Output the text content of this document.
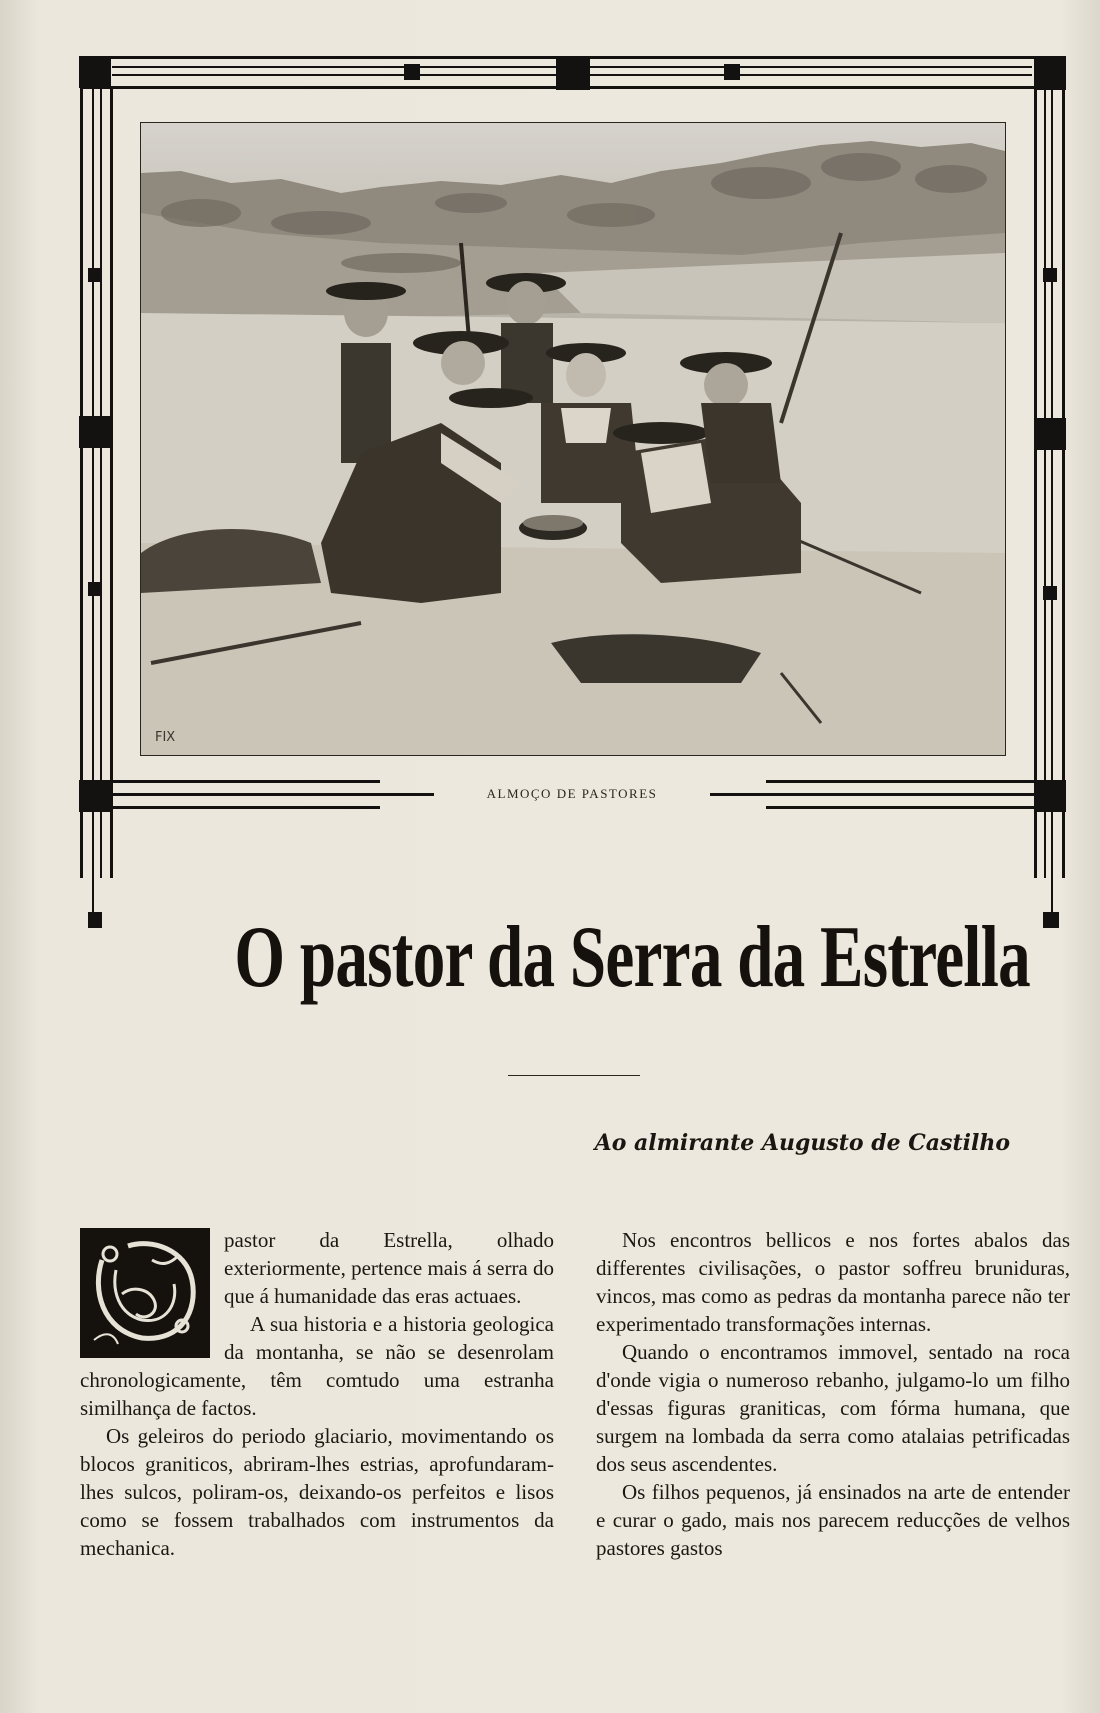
FIX
ALMOÇO DE PASTORES
O pastor da Serra da Estrella
Ao almirante Augusto de Castilho

pastor da Estrella, olhado exteriormente, pertence mais á serra do que á humanidade das eras actuaes.

A sua historia e a historia geologica da montanha, se não se desenrolam chronologicamente, têm comtudo uma estranha similhança de factos.

Os geleiros do periodo glaciario, movimentando os blocos graniticos, abriram-lhes estrias, aprofundaram-lhes sulcos, poliram-os, deixando-os perfeitos e lisos como se fossem trabalhados com instrumentos da mechanica.

Nos encontros bellicos e nos fortes abalos das differentes civilisações, o pastor soffreu bruniduras, vincos, mas como as pedras da montanha parece não ter experimentado transformações internas.

Quando o encontramos immovel, sentado na roca d'onde vigia o numeroso rebanho, julgamo-lo um filho d'essas figuras graniticas, com fórma humana, que surgem na lombada da serra como atalaias petrificadas dos seus ascendentes.

Os filhos pequenos, já ensinados na arte de entender e curar o gado, mais nos parecem reducções de velhos pastores gastos
